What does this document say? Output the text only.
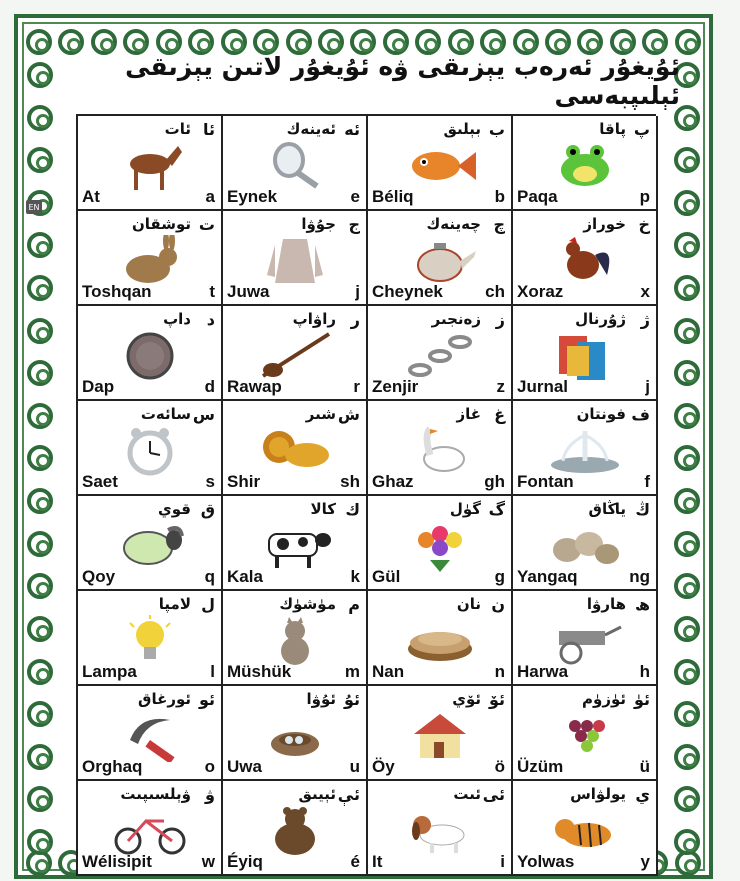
ئۇيغۇر ئەرەب يېزىقى ۋە ئۇيغۇر لاتىن يېزىقى ئېلىپبەسى
EN
ئا
ئات
At	a
ئە
ئەينەك
Eynek	e
ب
بېلىق
Béliq	b
پ
پاقا
Paqa	p
ت
توشقان
Toshqan	t
ج
جۇۋا
Juwa	j
چ
چەينەك
Cheynek ch
خ
خوراز
Xoraz	x
د
داپ
Dap	d
ر
راۋاپ
Rawap	r
ز
زەنجىر
Zenjir	z
ژ
ژۇرنال
Jurnal	j
س
سائەت
Saet	s
ش
شىر
Shir	sh
غ
غاز
Ghaz	gh
ف
فونتان
Fontan	f
ق
قوي
Qoy	q
ك
كالا
Kala	k
گ
گۈل
Gül	g
ڭ
ياڭاق
Yangaq	ng
ل
لامپا
Lampa	l
م
مۈشۈك
Müshük	m
ن
نان
Nan	n
ھ
ھارۋا
Harwa	h
ئو
ئورغاق
Orghaq	o
ئۇ
ئۇۋا
Uwa	u
ئۆ
ئۆي
Öy	ö
ئۈ
ئۈزۈم
Üzüm	ü
ۋ
ۋېلسىپىت
Wélisipit	w
ئې
ئېيىق
Éyiq	é
ئى
ئىت
It	i
ي
يولۋاس
Yolwas	y
